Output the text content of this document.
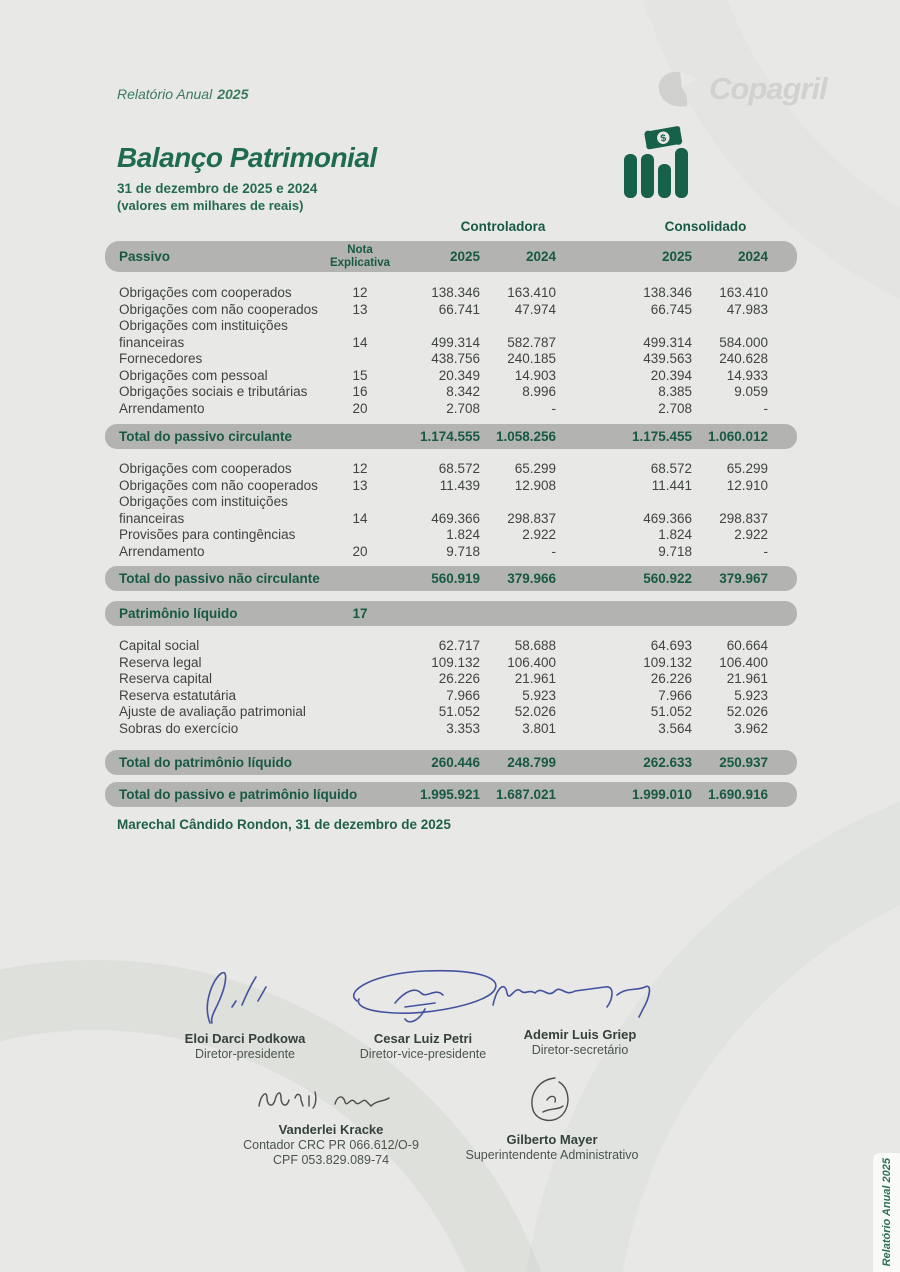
Relatório Anual 2025	Copagril
Balanço Patrimonial
31 de dezembro de 2025 e 2024
(valores em milhares de reais)
$
Controladora	Consolidado
Passivo	Nota
Explicativa	2025	2024	2025	2024
Obrigações com cooperados	12	138.346	163.410	138.346	163.410
Obrigações com não cooperados	13	66.741	47.974	66.745	47.983
Obrigações com instituições financeiras	14	499.314	582.787	499.314	584.000
Fornecedores	438.756	240.185	439.563	240.628
Obrigações com pessoal	15	20.349	14.903	20.394	14.933
Obrigações sociais e tributárias	16	8.342	8.996	8.385	9.059
Arrendamento	20	2.708	-	2.708	-
Total do passivo circulante	1.174.555	1.058.256	1.175.455	1.060.012
Obrigações com cooperados	12	68.572	65.299	68.572	65.299
Obrigações com não cooperados	13	11.439	12.908	11.441	12.910
Obrigações com instituições financeiras	14	469.366	298.837	469.366	298.837
Provisões para contingências	1.824	2.922	1.824	2.922
Arrendamento	20	9.718	-	9.718	-
Total do passivo não circulante	560.919	379.966	560.922	379.967
Patrimônio líquido	17
Capital social	62.717	58.688	64.693	60.664
Reserva legal	109.132	106.400	109.132	106.400
Reserva capital	26.226	21.961	26.226	21.961
Reserva estatutária	7.966	5.923	7.966	5.923
Ajuste de avaliação patrimonial	51.052	52.026	51.052	52.026
Sobras do exercício	3.353	3.801	3.564	3.962
Total do patrimônio líquido	260.446	248.799	262.633	250.937
Total do passivo e patrimônio líquido	1.995.921	1.687.021	1.999.010	1.690.916
Marechal Cândido Rondon, 31 de dezembro de 2025
Eloi Darci Podkowa
Diretor-presidente
Cesar Luiz Petri
Diretor-vice-presidente
Ademir Luis Griep
Diretor-secretário
Vanderlei Kracke
Contador CRC PR 066.612/O-9
CPF 053.829.089-74
Gilberto Mayer
Superintendente Administrativo
Relatório Anual 2025
